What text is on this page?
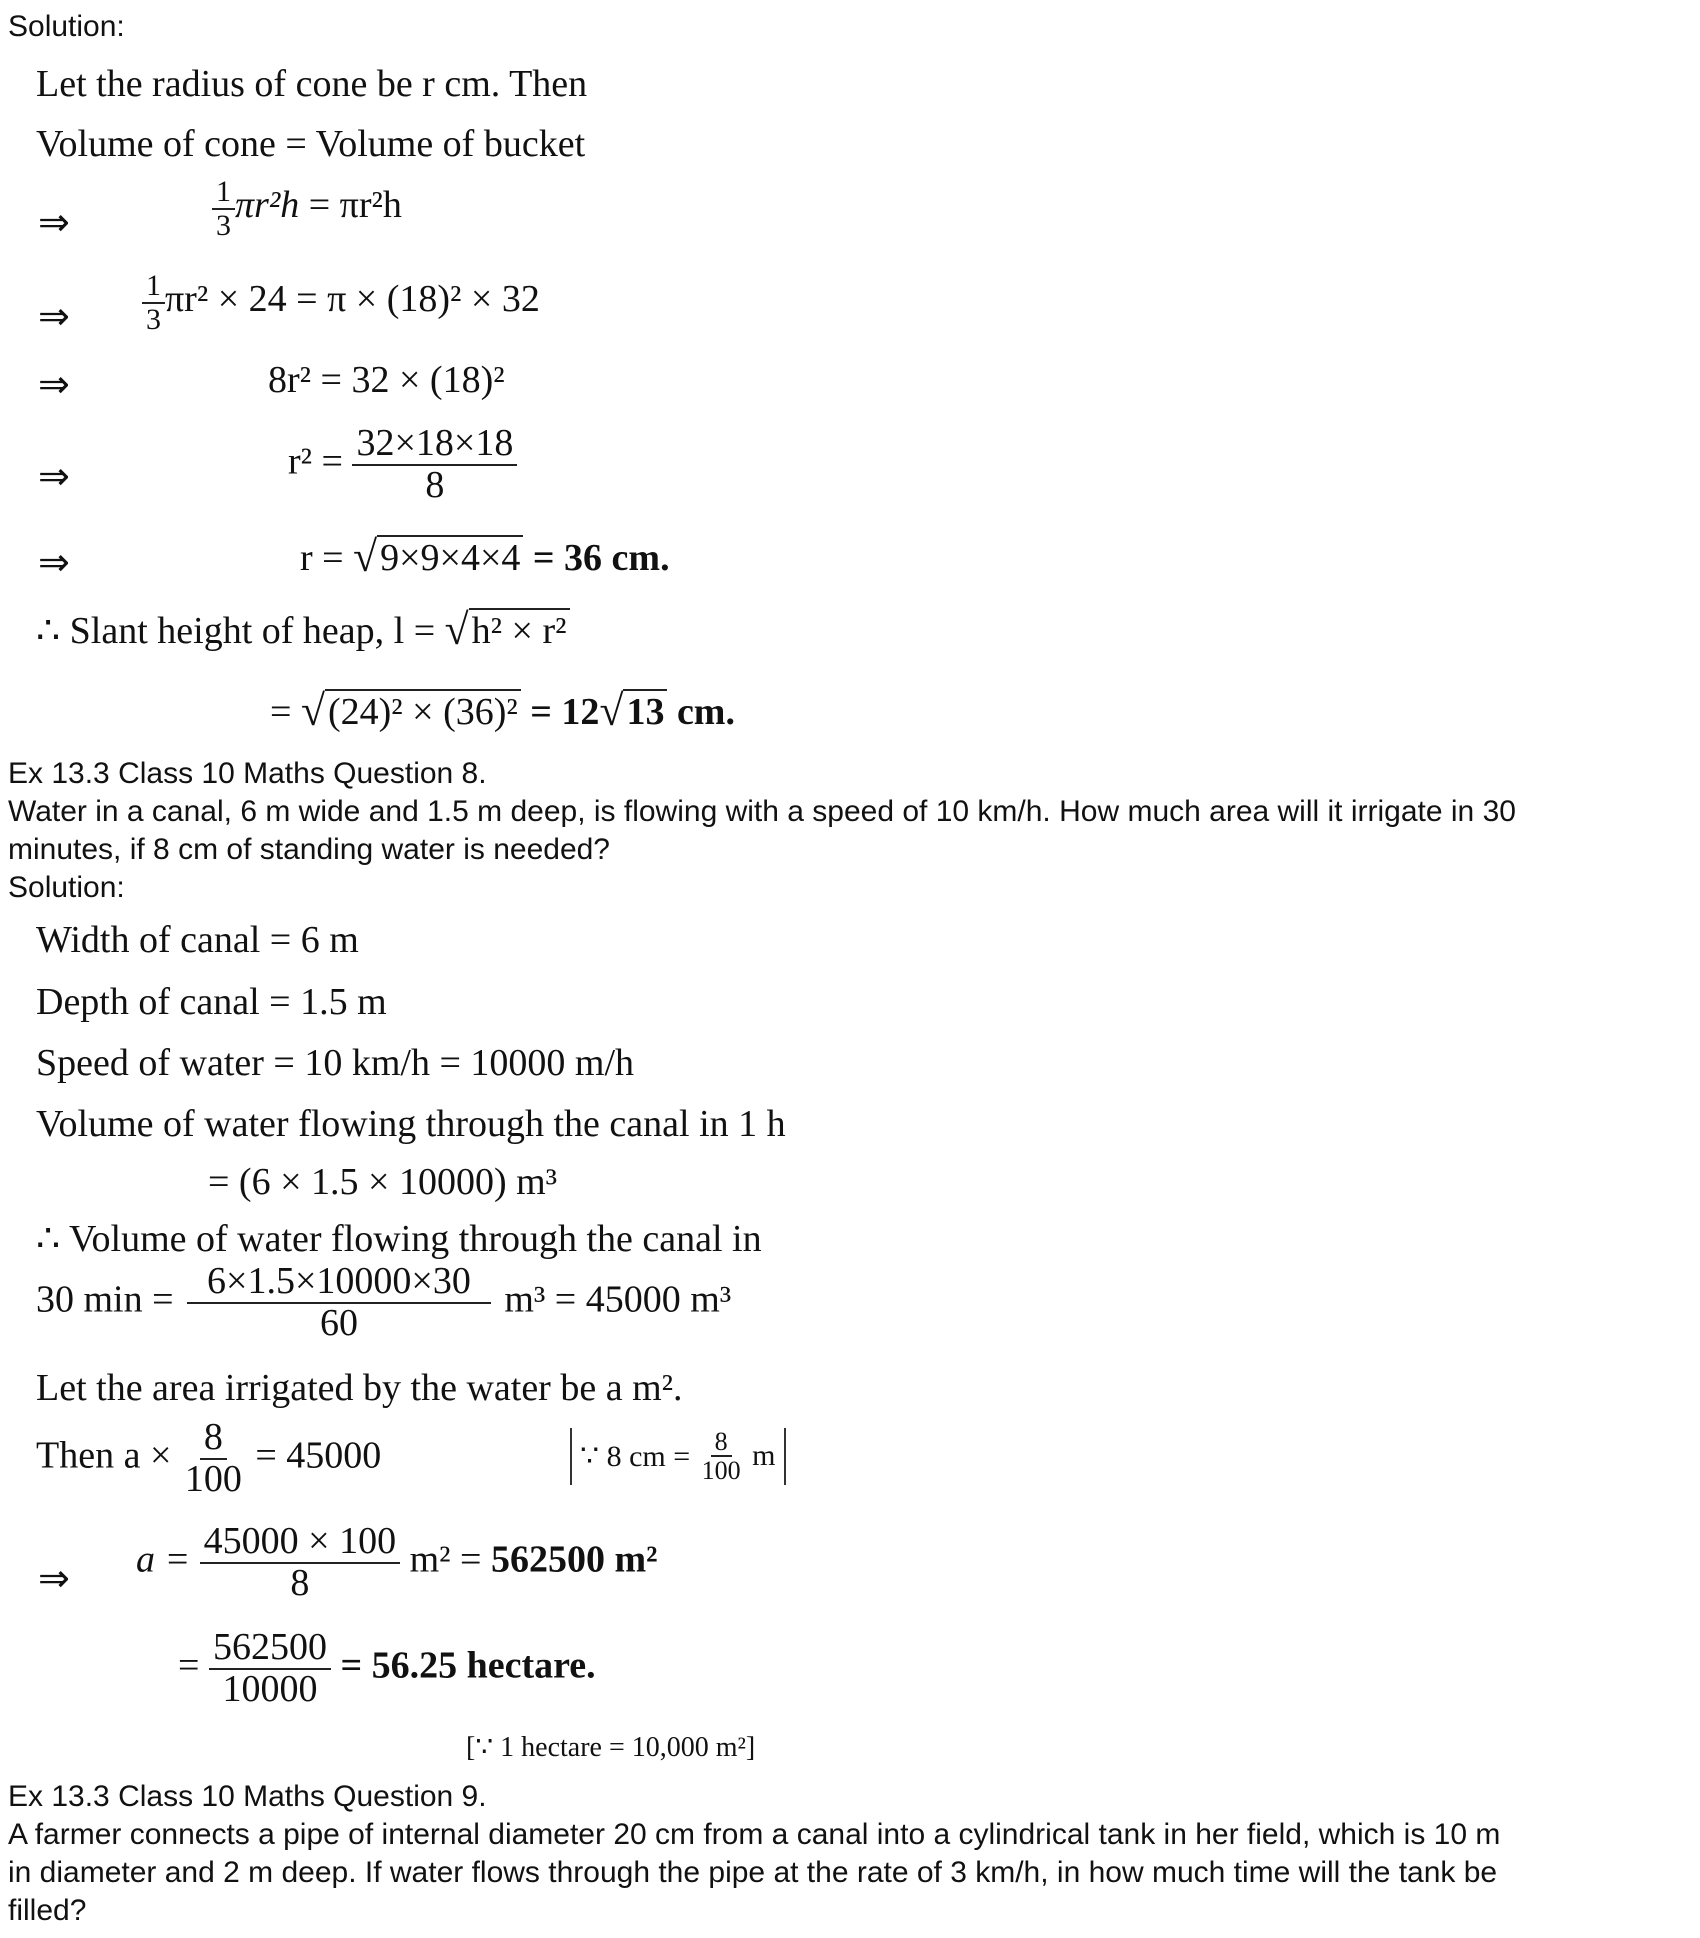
Solution:
Let the radius of cone be r cm. Then
Volume of cone = Volume of bucket
⇒	$\frac{1}{3} \pi r^2h = \pi r^2h$
⇒ $\frac{1}{3} \pi r^2 \times 24 = \pi \times (18)^2 \times 32$
⇒	8r² = 32 × (18)²
⇒	$r^2 = \frac{32\times 18\times 18}{8}$
⇒	r = √ 9×9×4×4 = 36 cm.
∴ Slant height of heap, l = √ h² × r²
= √ (24)² × (36)² = 12 √ 13 cm.
Ex 13.3 Class 10 Maths Question 8.
Water in a canal, 6 m wide and 1.5 m deep, is flowing with a speed of 10 km/h. How much area will it irrigate in 30
minutes, if 8 cm of standing water is needed?
Solution:
Width of canal = 6 m
Depth of canal = 1.5 m
Speed of water = 10 km/h = 10000 m/h
Volume of water flowing through the canal in 1 h
= (6 × 1.5 × 10000) m³
∴ Volume of water flowing through the canal in
30 $\min = \frac{6\times 1.5\times 10000\times 30}{60} m^3 = 45000$ m³
Let the area irrigated by the water be a m².
Then $a \times \frac{8}{100} = 45000$	∵ 8 cm =
$\frac{8}{100}$
m
⇒ $a = \frac{45000 \times 100}{8} m^2 = 562500$ m²
= $\frac{562500}{10000} = 56.25$ hectare.
[∵ 1 hectare = 10,000 m²]
Ex 13.3 Class 10 Maths Question 9.
A farmer connects a pipe of internal diameter 20 cm from a canal into a cylindrical tank in her field, which is 10 m
in diameter and 2 m deep. If water flows through the pipe at the rate of 3 km/h, in how much time will the tank be
filled?
